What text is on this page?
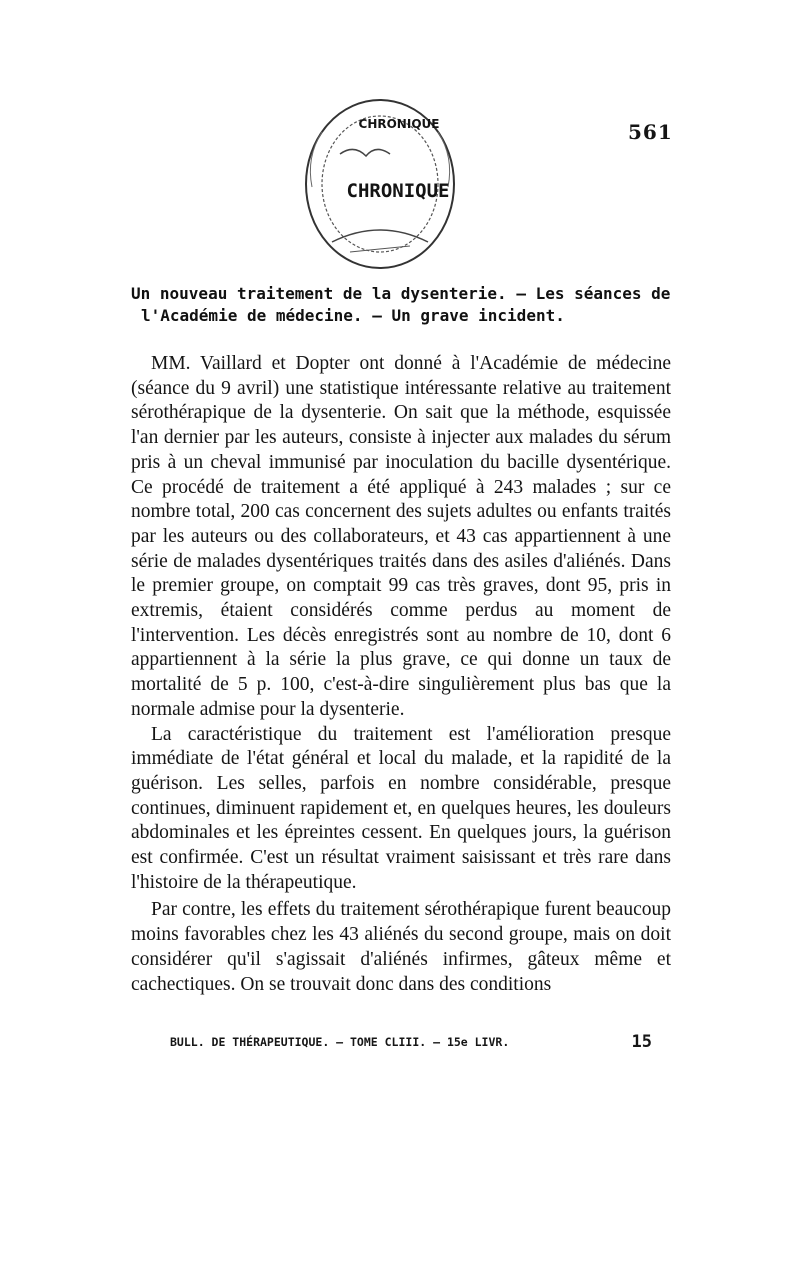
CHRONIQUE
CHRONIQUE
561
Un nouveau traitement de la dysenterie. — Les séances de
l'Académie de médecine. — Un grave incident.

MM. Vaillard et Dopter ont donné à l'Académie de médecine (séance du 9 avril) une statistique intéressante relative au traitement sérothérapique de la dysenterie. On sait que la méthode, esquissée l'an dernier par les auteurs, consiste à injecter aux malades du sérum pris à un cheval immunisé par inoculation du bacille dysentérique. Ce procédé de traitement a été appliqué à 243 malades ; sur ce nombre total, 200 cas concernent des sujets adultes ou enfants traités par les auteurs ou des collaborateurs, et 43 cas appartiennent à une série de malades dysentériques traités dans des asiles d'aliénés. Dans le premier groupe, on comptait 99 cas très graves, dont 95, pris in extremis, étaient considérés comme perdus au moment de l'intervention. Les décès enregistrés sont au nombre de 10, dont 6 appartiennent à la série la plus grave, ce qui donne un taux de mortalité de 5 p. 100, c'est-à-dire singulièrement plus bas que la normale admise pour la dysenterie.

La caractéristique du traitement est l'amélioration presque immédiate de l'état général et local du malade, et la rapidité de la guérison. Les selles, parfois en nombre considérable, presque continues, diminuent rapidement et, en quelques heures, les douleurs abdominales et les épreintes cessent. En quelques jours, la guérison est confirmée. C'est un résultat vraiment saisissant et très rare dans l'histoire de la thérapeutique.

Par contre, les effets du traitement sérothérapique furent beaucoup moins favorables chez les 43 aliénés du second groupe, mais on doit considérer qu'il s'agissait d'aliénés infirmes, gâteux même et cachectiques. On se trouvait donc dans des conditions

BULL. DE THÉRAPEUTIQUE. — TOME CLIII. — 15e LIVR.	15
